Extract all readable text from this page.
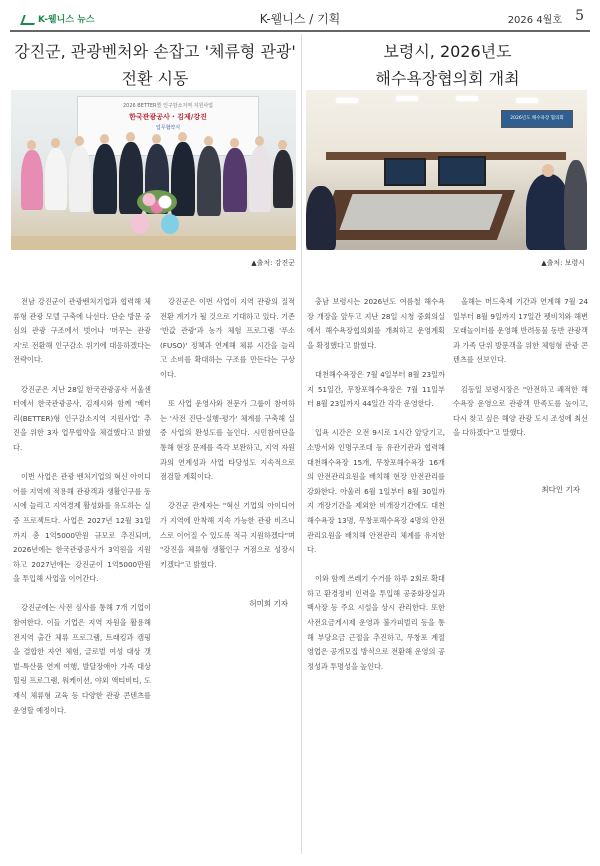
K-웰니스 뉴스	K-웰니스 / 기획	2026 4월호 5
강진군, 관광벤처와 손잡고 '체류형 관광'
전환 시동
2026 BETTER型 인구감소지역 지원사업
한국관광공사 · 김제/강진
업무협약식
▲출처: 강진군

전남 강진군이 관광벤처기업과 협력해 체류형 관광 모델 구축에 나선다. 단순 방문 중심의 관광 구조에서 벗어나 '머무는 관광지'로 전환해 인구감소 위기에 대응하겠다는 전략이다.

강진군은 지난 28일 한국관광공사 서울센터에서 한국관광공사, 김제시와 함께 '베터리(BETTER)형 인구감소지역 지원사업' 추진을 위한 3자 업무협약을 체결했다고 밝혔다.

이번 사업은 관광 벤처기업의 혁신 아이디어를 지역에 적용해 관광객과 생활인구를 동시에 늘리고 지역경제 활성화를 유도하는 실증 프로젝트다. 사업은 2027년 12월 31일까지 총 1억5000만원 규모로 추진되며, 2026년에는 한국관광공사가 3억원을 지원하고 2027년에는 강진군이 1억5000만원을 투입해 사업을 이어간다.

강진군에는 사전 심사를 통해 7개 기업이 참여한다. 이들 기업은 지역 자원을 활용해 전지역 출간 체류 프로그램, 트래킹과 캠핑을 결합한 자연 체험, 글로벌 여성 대상 갯벌-특산품 연계 여행, 발달장애아 가족 대상 힐링 프로그램, 워케이션, 야외 액티비티, 도재식 체류형 교육 등 다양한 관광 콘텐츠를 운영할 예정이다.

강진군은 이번 사업이 지역 관광의 질적 전환 계기가 될 것으로 기대하고 있다. 기존 '반값 관광'과 농가 체험 프로그램 '푸소(FUSO)' 정책과 연계해 체류 시간을 늘리고 소비를 확대하는 구조를 만든다는 구상이다.

또 사업 운영사와 전문가 그룹이 참여하는 '사전 진단-실행-평가' 체계를 구축해 실증 사업의 완성도를 높인다. 시민참여단을 통해 현장 문제를 즉각 보완하고, 지역 자원과의 연계성과 사업 타당성도 지속적으로 점검할 계획이다.

강진군 관계자는 "혁신 기업의 아이디어가 지역에 안착해 지속 가능한 관광 비즈니스로 이어질 수 있도록 적극 지원하겠다"며 "강진을 체류형 생활인구 거점으로 성장시키겠다"고 밝혔다.

허미희 기자
보령시, 2026년도
해수욕장협의회 개최
2026년도 해수욕장 협의회
▲출처: 보령시

충남 보령시는 2026년도 여름철 해수욕장 개장을 앞두고 지난 28일 시청 중회의실에서 해수욕장협의회를 개최하고 운영계획을 확정했다고 밝혔다.

대천해수욕장은 7월 4일부터 8월 23일까지 51일간, 무창포해수욕장은 7월 11일부터 8월 23일까지 44일간 각각 운영한다.

입욕 시간은 오전 9시로 1시간 앞당기고, 소방서와 인명구조대 등 유관기관과 협력해 대천해수욕장 15개, 무창포해수욕장 16개의 안전관리요원을 배치해 현장 안전관리를 강화한다. 아울러 6월 1일부터 8월 30일까지 개장기간을 제외한 비개장기간에도 대천해수욕장 13명, 무창포해수욕장 4명의 안전관리요원을 배치해 안전관리 체계를 유지한다.

이와 함께 쓰레기 수거를 하루 2회로 확대하고 환경정비 인력을 투입해 공중화장실과 백사장 등 주요 시설을 상시 관리한다. 또한 사전요금게시제 운영과 불가피벌리 등을 통해 부당요금 근절을 추진하고, 무창포 계절영업은 공개모집 방식으로 전환해 운영의 공정성과 투명성을 높인다.

올해는 머드축제 기간과 연계해 7월 24일부터 8월 9일까지 17일간 펫비치와 해변 모래놀이터를 운영해 반려동물 동반 관광객과 가족 단위 방문객을 위한 체험형 관광 콘텐츠를 선보인다.

김동일 보령시장은 "안전하고 쾌적한 해수욕장 운영으로 관광객 만족도를 높이고, 다시 찾고 싶은 해양 관광 도시 조성에 최선을 다하겠다"고 말했다.

최다인 기자
